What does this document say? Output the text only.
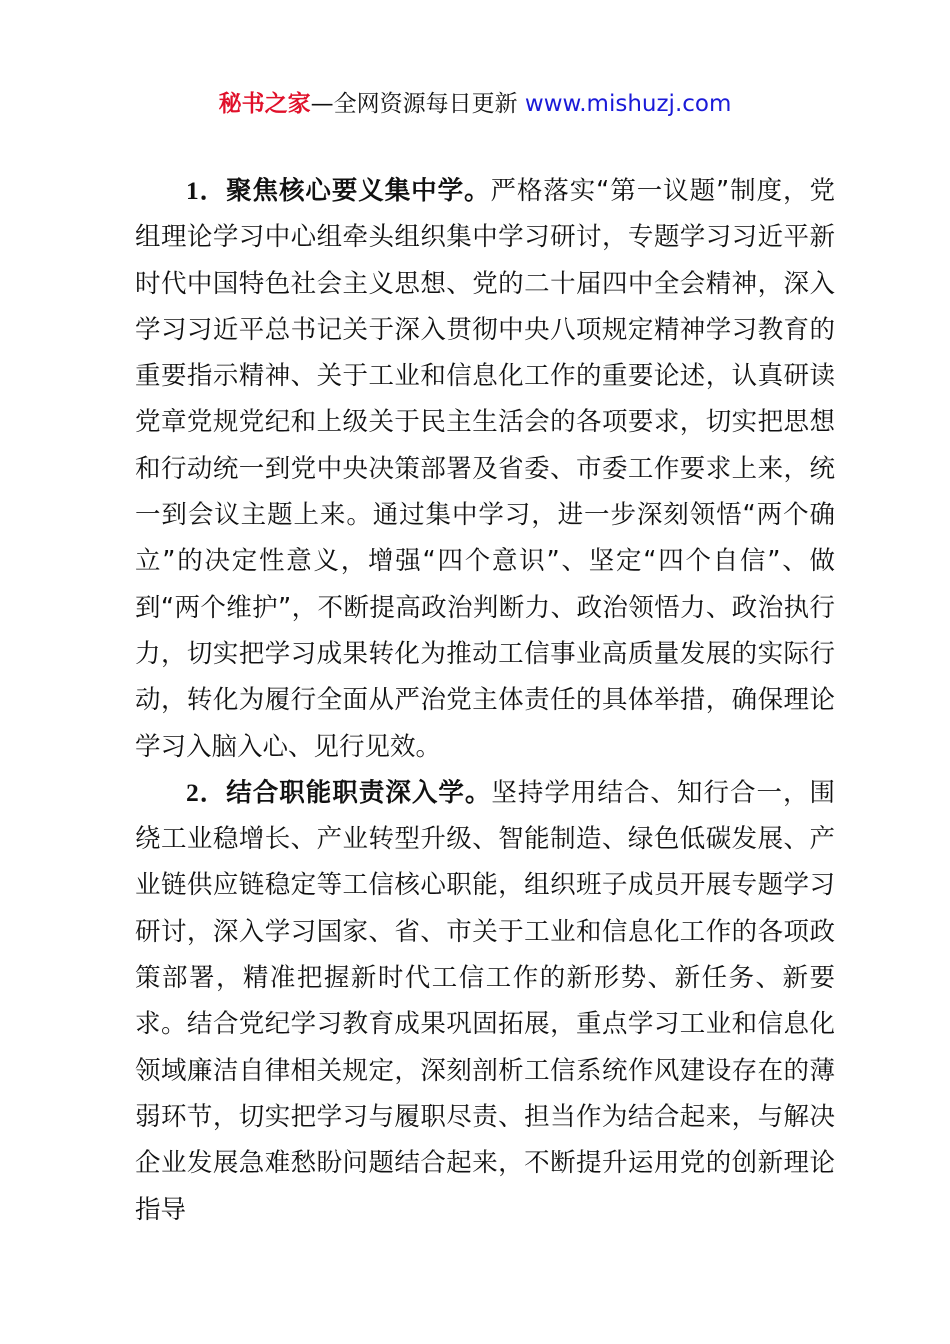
秘书之家—全网资源每日更新 www.mishuzj.com

1．聚焦核心要义集中学。严格落实“第一议题”制度，党组理论学习中心组牵头组织集中学习研讨，专题学习习近平新时代中国特色社会主义思想、党的二十届四中全会精神，深入学习习近平总书记关于深入贯彻中央八项规定精神学习教育的重要指示精神、关于工业和信息化工作的重要论述，认真研读党章党规党纪和上级关于民主生活会的各项要求，切实把思想和行动统一到党中央决策部署及省委、市委工作要求上来，统一到会议主题上来。通过集中学习，进一步深刻领悟“两个确立”的决定性意义，增强“四个意识”、坚定“四个自信”、做到“两个维护”，不断提高政治判断力、政治领悟力、政治执行力，切实把学习成果转化为推动工信事业高质量发展的实际行动，转化为履行全面从严治党主体责任的具体举措，确保理论学习入脑入心、见行见效。

2．结合职能职责深入学。坚持学用结合、知行合一，围绕工业稳增长、产业转型升级、智能制造、绿色低碳发展、产业链供应链稳定等工信核心职能，组织班子成员开展专题学习研讨，深入学习国家、省、市关于工业和信息化工作的各项政策部署，精准把握新时代工信工作的新形势、新任务、新要求。结合党纪学习教育成果巩固拓展，重点学习工业和信息化领域廉洁自律相关规定，深刻剖析工信系统作风建设存在的薄弱环节，切实把学习与履职尽责、担当作为结合起来，与解决企业发展急难愁盼问题结合起来，不断提升运用党的创新理论指导
